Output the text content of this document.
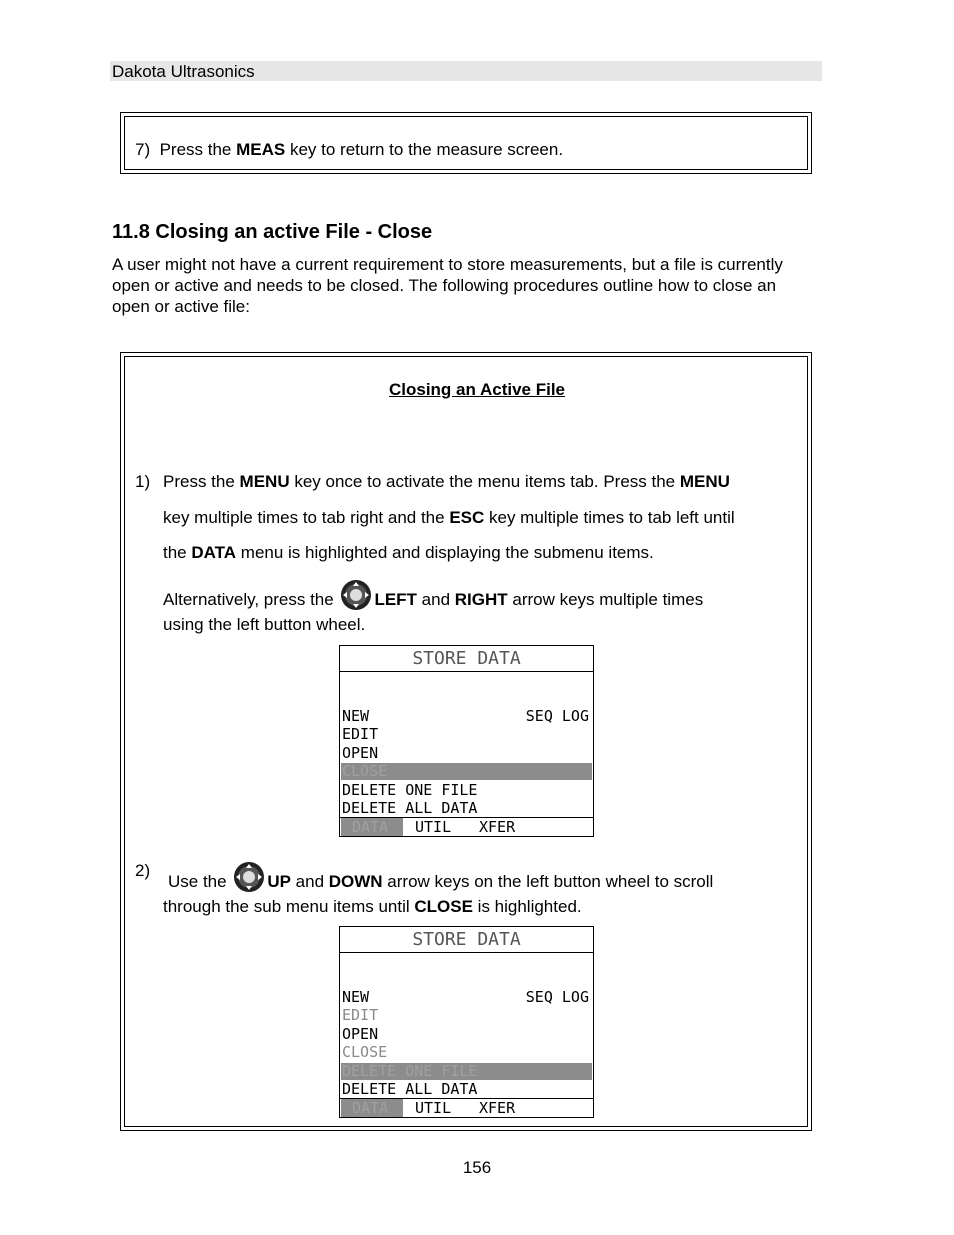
Dakota Ultrasonics
7) Press the MEAS key to return to the measure screen.
11.8 Closing an active File - Close
A user might not have a current requirement to store measurements, but a file is currently open or active and needs to be closed. The following procedures outline how to close an open or active file:
Closing an Active File
1) Press the MENU key once to activate the menu items tab. Press the MENU
key multiple times to tab right and the ESC key multiple times to tab left until
the DATA menu is highlighted and displaying the submenu items.
Alternatively, press the LEFT and RIGHT arrow keys multiple times
using the left button wheel.
STORE DATA
NEW	SEQ LOG
EDIT
OPEN
CLOSE
DELETE ONE FILE
DELETE ALL DATA
DATA	UTIL XFER
2)
Use the UP and DOWN arrow keys on the left button wheel to scroll
through the sub menu items until CLOSE is highlighted.
STORE DATA
NEW	SEQ LOG
EDIT
OPEN
CLOSE
DELETE ONE FILE
DELETE ALL DATA
DATA	UTIL XFER
156
